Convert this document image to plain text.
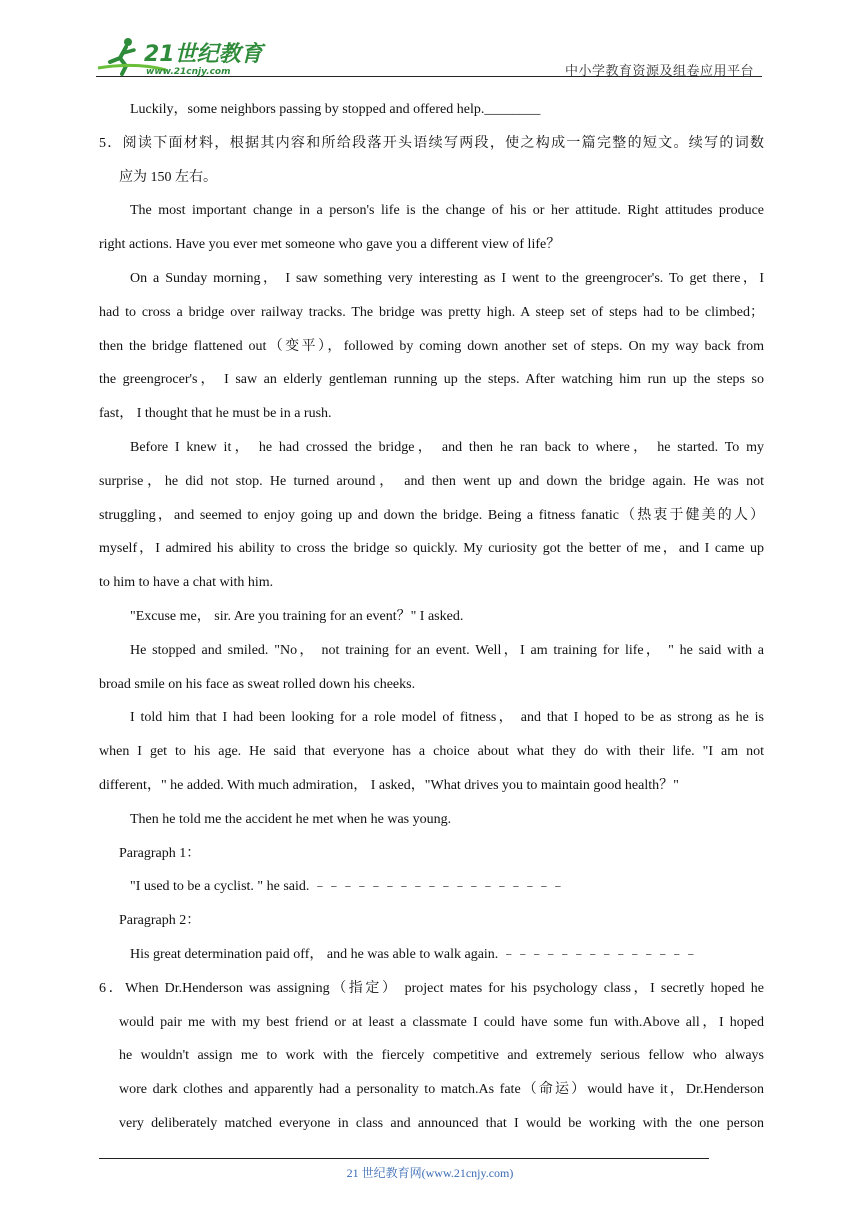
21世纪教育
www.21cnjy.com	中小学教育资源及组卷应用平台
Luckily，some neighbors passing by stopped and offered help.________
5．阅读下面材料，根据其内容和所给段落开头语续写两段，使之构成一篇完整的短文。续写的词数
应为 150 左右。
The most important change in a person's life is the change of his or her attitude. Right attitudes produce
right actions. Have you ever met someone who gave you a different view of life？
On a Sunday morning， I saw something very interesting as I went to the greengrocer's. To get there，I
had to cross a bridge over railway tracks. The bridge was pretty high. A steep set of steps had to be climbed；
then the bridge flattened out（变平），followed by coming down another set of steps. On my way back from
the greengrocer's， I saw an elderly gentleman running up the steps. After watching him run up the steps so
fast， I thought that he must be in a rush.
Before I knew it， he had crossed the bridge， and then he ran back to where， he started. To my
surprise，he did not stop. He turned around， and then went up and down the bridge again. He was not
struggling，and seemed to enjoy going up and down the bridge. Being a fitness fanatic（热衷于健美的人）
myself，I admired his ability to cross the bridge so quickly. My curiosity got the better of me，and I came up
to him to have a chat with him.
"Excuse me， sir. Are you training for an event？" I asked.
He stopped and smiled. "No， not training for an event. Well，I am training for life， " he said with a
broad smile on his face as sweat rolled down his cheeks.
I told him that I had been looking for a role model of fitness， and that I hoped to be as strong as he is
when I get to his age. He said that everyone has a choice about what they do with their life. "I am not
different，" he added. With much admiration， I asked，"What drives you to maintain good health？"
Then he told me the accident he met when he was young.
Paragraph 1：
"I used to be a cyclist. " he said. ﹣﹣﹣﹣﹣﹣﹣﹣﹣﹣﹣﹣﹣﹣﹣﹣﹣﹣
Paragraph 2：
His great determination paid off， and he was able to walk again. ﹣﹣﹣﹣﹣﹣﹣﹣﹣﹣﹣﹣﹣﹣
6．When Dr.Henderson was assigning（指定） project mates for his psychology class，I secretly hoped he
would pair me with my best friend or at least a classmate I could have some fun with.Above all，I hoped
he wouldn't assign me to work with the fiercely competitive and extremely serious fellow who always
wore dark clothes and apparently had a personality to match.As fate（命运）would have it，Dr.Henderson
very deliberately matched everyone in class and announced that I would be working with the one person
21 世纪教育网(www.21cnjy.com)
